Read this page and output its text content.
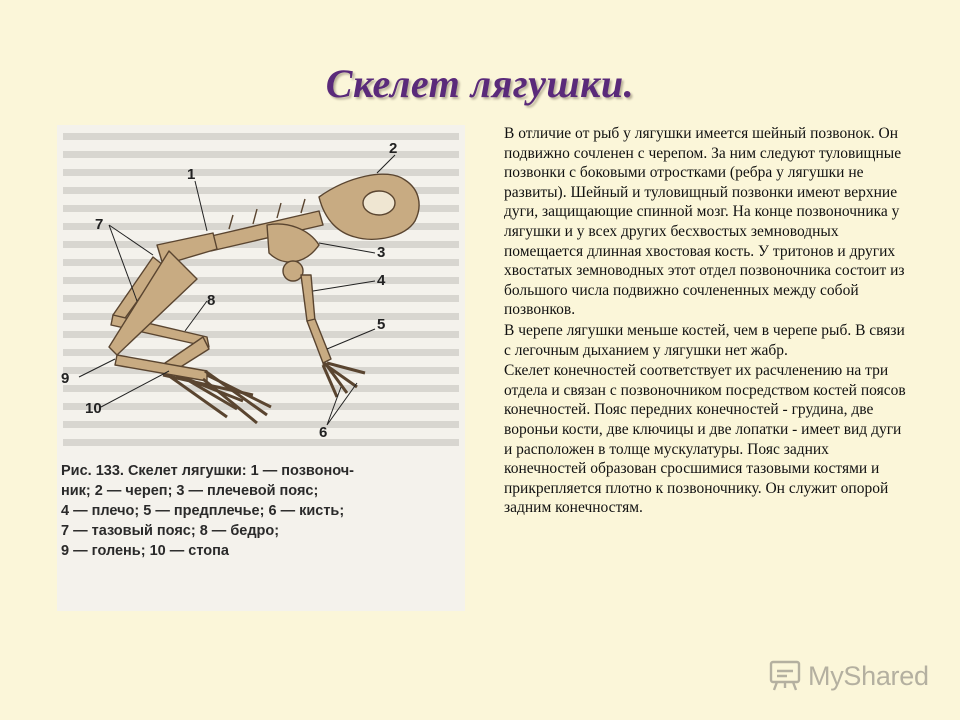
Скелет лягушки.
1
2
3
4
5
6
7
8
9
10
Рис. 133. Скелет лягушки: 1 — позвоноч-
ник; 2 — череп; 3 — плечевой пояс;
4 — плечо; 5 — предплечье; 6 — кисть;
7 — тазовый пояс; 8 — бедро;
9 — голень; 10 — стопа

В отличие от рыб у лягушки имеется шейный позвонок. Он подвижно сочленен с черепом. За ним следуют туловищные позвонки с боковыми отростками (ребра у лягушки не развиты). Шейный и туловищный позвонки имеют верхние дуги, защищающие спинной мозг. На конце позвоночника у лягушки и у всех других бесхвостых земноводных помещается длинная хвостовая кость. У тритонов и других хвостатых земноводных этот отдел позвоночника состоит из большого числа подвижно сочлененных между собой позвонков.

В черепе лягушки меньше костей, чем в черепе рыб. В связи с легочным дыханием у лягушки нет жабр.

Скелет конечностей соответствует их расчленению на три отдела и связан с позвоночником посредством костей поясов конечностей. Пояс передних конечностей - грудина, две вороньи кости, две ключицы и две лопатки - имеет вид дуги и расположен в толще мускулатуры. Пояс задних конечностей образован сросшимися тазовыми костями и прикрепляется плотно к позвоночнику. Он служит опорой задним конечностям.

MyShared
